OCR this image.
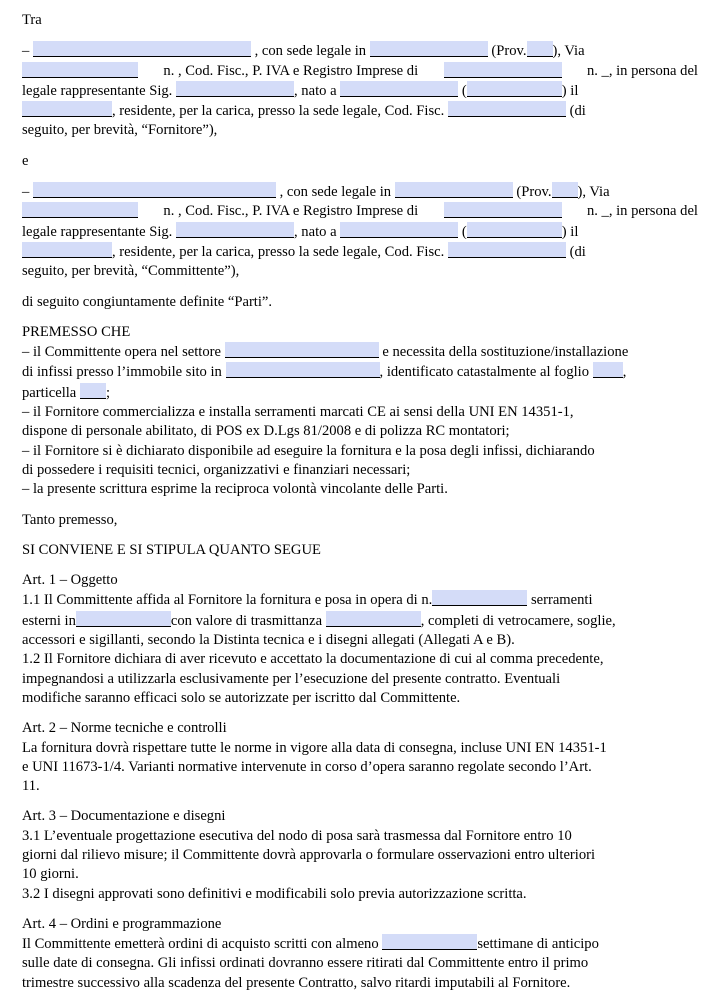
Tra

–	, con sede legale in	(Prov. ), Via
n. , Cod. Fisc., P. IVA e Registro Imprese di	n. _, in persona del
legale rappresentante Sig.	, nato a	(	) il
, residente, per la carica, presso la sede legale, Cod. Fisc.	(di
seguito, per brevità, “Fornitore”),

e

–	, con sede legale in	(Prov. ), Via
n. , Cod. Fisc., P. IVA e Registro Imprese di	n. _, in persona del
legale rappresentante Sig.	, nato a	(	) il
, residente, per la carica, presso la sede legale, Cod. Fisc.	(di
seguito, per brevità, “Committente”),

di seguito congiuntamente definite “Parti”.

PREMESSO CHE
– il Committente opera nel settore	e necessita della sostituzione/installazione
di infissi presso l’immobile sito in	, identificato catastalmente al foglio ,
particella ;
– il Fornitore commercializza e installa serramenti marcati CE ai sensi della UNI EN 14351-1,
dispone di personale abilitato, di POS ex D.Lgs 81/2008 e di polizza RC montatori;
– il Fornitore si è dichiarato disponibile ad eseguire la fornitura e la posa degli infissi, dichiarando
di possedere i requisiti tecnici, organizzativi e finanziari necessari;
– la presente scrittura esprime la reciproca volontà vincolante delle Parti.

Tanto premesso,

SI CONVIENE E SI STIPULA QUANTO SEGUE

Art. 1 – Oggetto
1.1 Il Committente affida al Fornitore la fornitura e posa in opera di n.	serramenti
esterni in	con valore di trasmittanza	, completi di vetrocamere, soglie,
accessori e sigillanti, secondo la Distinta tecnica e i disegni allegati (Allegati A e B).
1.2 Il Fornitore dichiara di aver ricevuto e accettato la documentazione di cui al comma precedente,
impegnandosi a utilizzarla esclusivamente per l’esecuzione del presente contratto. Eventuali
modifiche saranno efficaci solo se autorizzate per iscritto dal Committente.
Art. 2 – Norme tecniche e controlli
La fornitura dovrà rispettare tutte le norme in vigore alla data di consegna, incluse UNI EN 14351-1
e UNI 11673-1/4. Varianti normative intervenute in corso d’opera saranno regolate secondo l’Art.
11.
Art. 3 – Documentazione e disegni
3.1 L’eventuale progettazione esecutiva del nodo di posa sarà trasmessa dal Fornitore entro 10
giorni dal rilievo misure; il Committente dovrà approvarla o formulare osservazioni entro ulteriori
10 giorni.
3.2 I disegni approvati sono definitivi e modificabili solo previa autorizzazione scritta.
Art. 4 – Ordini e programmazione
Il Committente emetterà ordini di acquisto scritti con almeno	settimane di anticipo
sulle date di consegna. Gli infissi ordinati dovranno essere ritirati dal Committente entro il primo
trimestre successivo alla scadenza del presente Contratto, salvo ritardi imputabili al Fornitore.
